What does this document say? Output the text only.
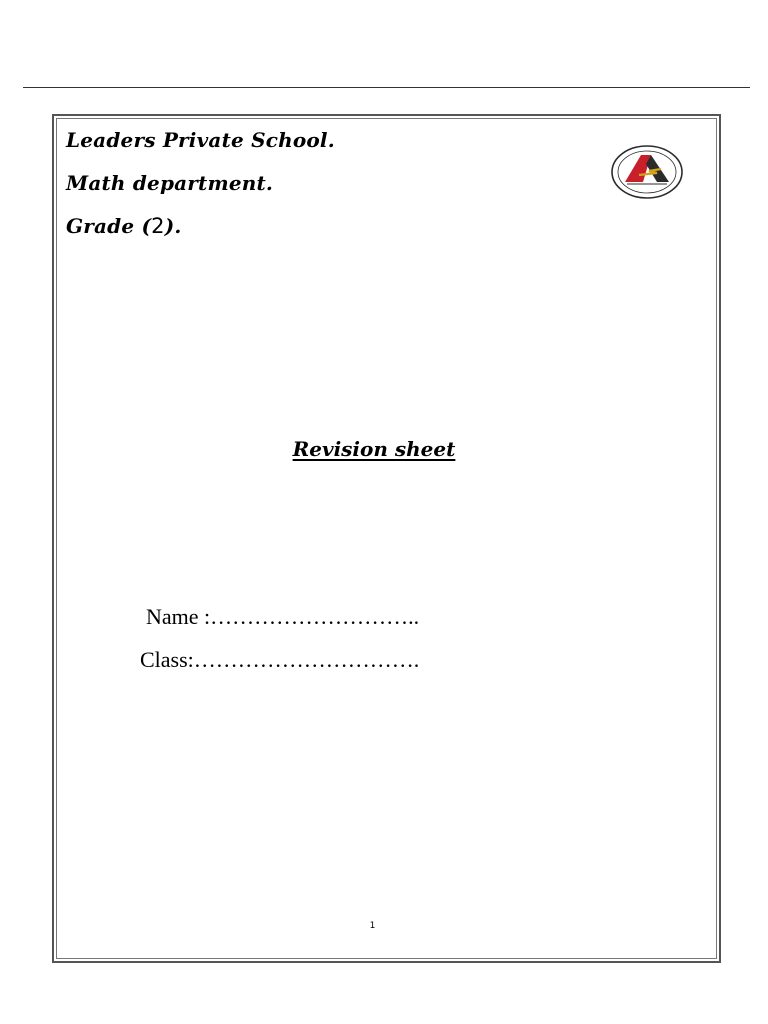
Leaders Private School.
Math department.
Grade (2).
Revision sheet
Name :………………………..
Class:………………………….
1
